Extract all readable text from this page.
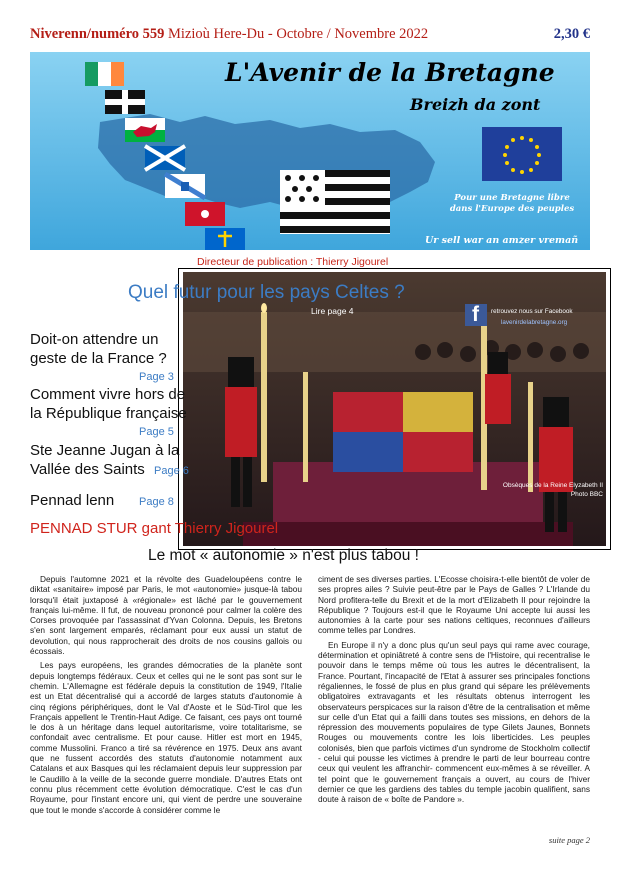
Niverenn/numéro 559 Mizioù Here-Du - Octobre / Novembre 2022	2,30 €
L'Avenir de la Bretagne
Breizh da zont
Pour une Bretagne libre
dans l'Europe des peuples
Ur sell war an amzer vremañ
Directeur de publication : Thierry Jigourel
Lire page 4	f retrouvez nous sur Facebook
lavenirdelabretagne.org
Obsèques de la Reine Elyzabeth II
Photo BBC
Quel futur pour les pays Celtes ?
Doit-on attendre un
geste de la France ?
Page 3
Comment vivre hors de
la République française
Page 5
Ste Jeanne Jugan à la
Vallée des Saints Page 6
Pennad lenn Page 8
PENNAD STUR gant Thierry Jigourel
Le mot « autonomie » n'est plus tabou !

Depuis l'automne 2021 et la révolte des Guadeloupéens contre le diktat «sanitaire» imposé par Paris, le mot «autonomie» jusque-là tabou lorsqu'il était juxtaposé à «régionale» est lâché par le gouvernement français lui-même. Il fut, de nouveau prononcé pour calmer la colère des Corses provoquée par l'assassinat d'Yvan Colonna. Depuis, les Bretons s'en sont largement emparés, réclamant pour eux aussi un statut de devolution, qui nous rapprocherait des droits de nos cousins gallois ou écossais.

Les pays européens, les grandes démocraties de la planète sont depuis longtemps fédéraux. Ceux et celles qui ne le sont pas sont sur le chemin. L'Allemagne est fédérale depuis la constitution de 1949, l'Italie est un Etat décentralisé qui a accordé de larges statuts d'autonomie à cinq régions périphériques, dont le Val d'Aoste et le Süd-Tirol que les Français appellent le Trentin-Haut Adige. Ce faisant, ces pays ont tourné le dos à un héritage dans lequel autoritarisme, voire totalitarisme, se confondait avec centralisme. Et pour cause. Hitler est mort en 1945, comme Mussolini. Franco a tiré sa révérence en 1975. Deux ans avant que ne fussent accordés des statuts d'autonomie notamment aux Catalans et aux Basques qui les réclamaient depuis leur suppression par le Caudillo à la veille de la seconde guerre mondiale. D'autres Etats ont connu plus récemment cette évolution démocratique. C'est le cas d'un Royaume, pour l'instant encore uni, qui vient de perdre une souveraine que tout le monde s'accorde à considérer comme le

ciment de ses diverses parties. L'Ecosse choisira-t-elle bientôt de voler de ses propres ailes ? Suivie peut-être par le Pays de Galles ? L'Irlande du Nord profitera-telle du Brexit et de la mort d'Elizabeth II pour rejoindre la République ? Toujours est-il que le Royaume Uni accepte lui aussi les autonomies à la carte pour ses nations celtiques, reconnues d'ailleurs comme telles par Londres.

En Europe il n'y a donc plus qu'un seul pays qui rame avec courage, détermination et opiniâtreté à contre sens de l'Histoire, qui recentralise le pouvoir dans le temps même où tous les autres le décentralisent, la France. Pourtant, l'incapacité de l'Etat à assurer ses principales fonctions régaliennes, le fossé de plus en plus grand qui sépare les prélèvements obligatoires extravagants et les résultats obtenus interrogent les observateurs perspicaces sur la raison d'être de la centralisation et même sur celle d'un Etat qui a failli dans toutes ses missions, en dehors de la répression des mouvements populaires de type Gilets Jaunes, Bonnets Rouges ou mouvements contre les lois liberticides. Les peuples colonisés, bien que parfois victimes d'un syndrome de Stockholm collectif - celui qui pousse les victimes à prendre le parti de leur bourreau contre ceux qui veulent les affranchir- commencent eux-mêmes à se réveiller. A tel point que le gouvernement français a ouvert, au cours de l'hiver dernier ce que les gardiens des tables du temple jacobin qualifient, sans doute à raison de « boîte de Pandore ».

suite page 2
